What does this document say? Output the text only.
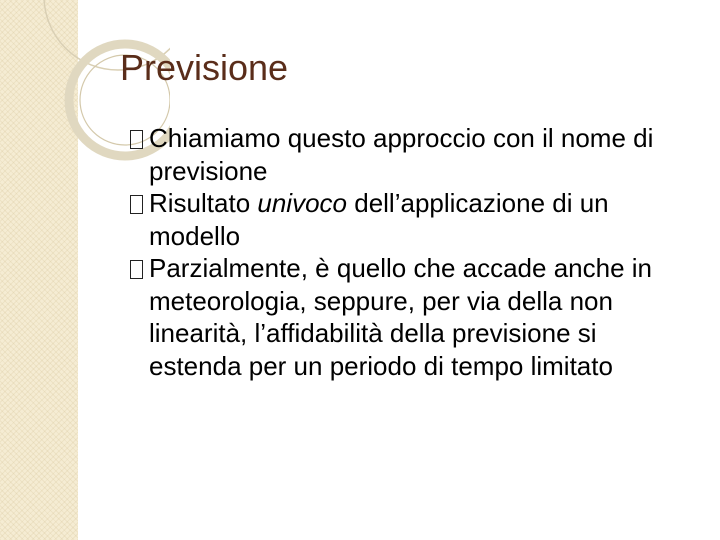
Previsione
Chiamiamo questo approccio con il nome di previsione
Risultato univoco dell’applicazione di un modello
Parzialmente, è quello che accade anche in meteorologia, seppure, per via della non linearità, l’affidabilità della previsione si estenda per un periodo di tempo limitato
